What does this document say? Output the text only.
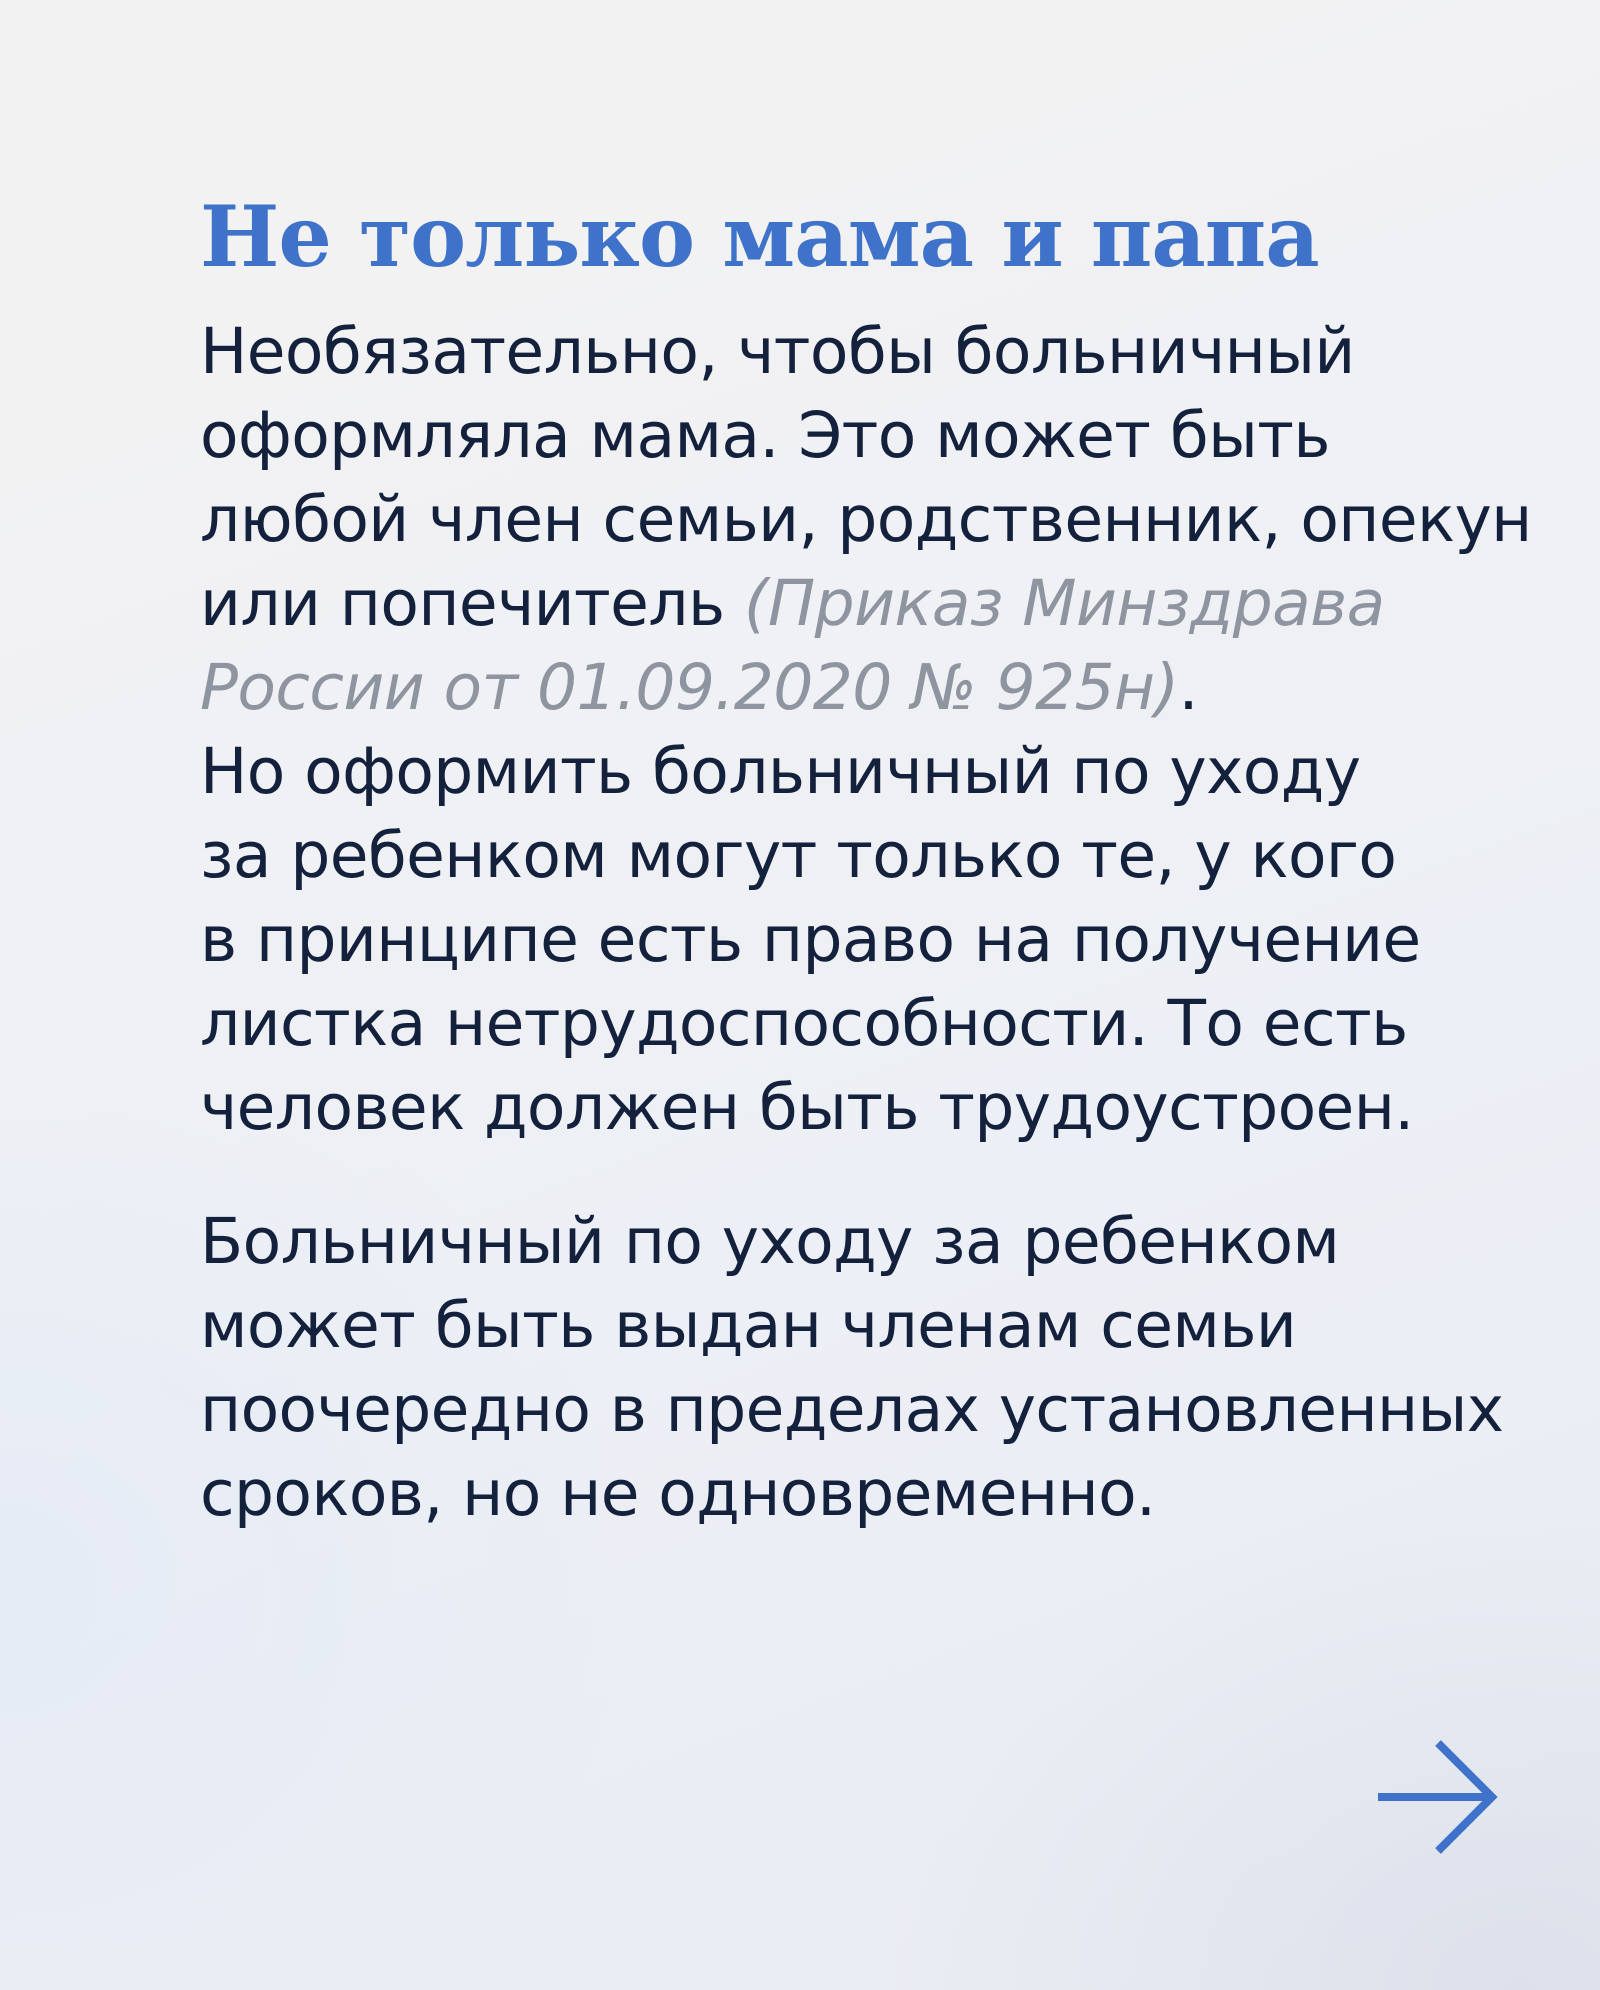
Не только мама и папа
Необязательно, чтобы больничный
оформляла мама. Это может быть
любой член семьи, родственник, опекун
или попечитель (Приказ Минздрава
России от 01.09.2020 № 925н).
Но оформить больничный по уходу
за ребенком могут только те, у кого
в принципе есть право на получение
листка нетрудоспособности. То есть
человек должен быть трудоустроен.
Больничный по уходу за ребенком
может быть выдан членам семьи
поочередно в пределах установленных
сроков, но не одновременно.
